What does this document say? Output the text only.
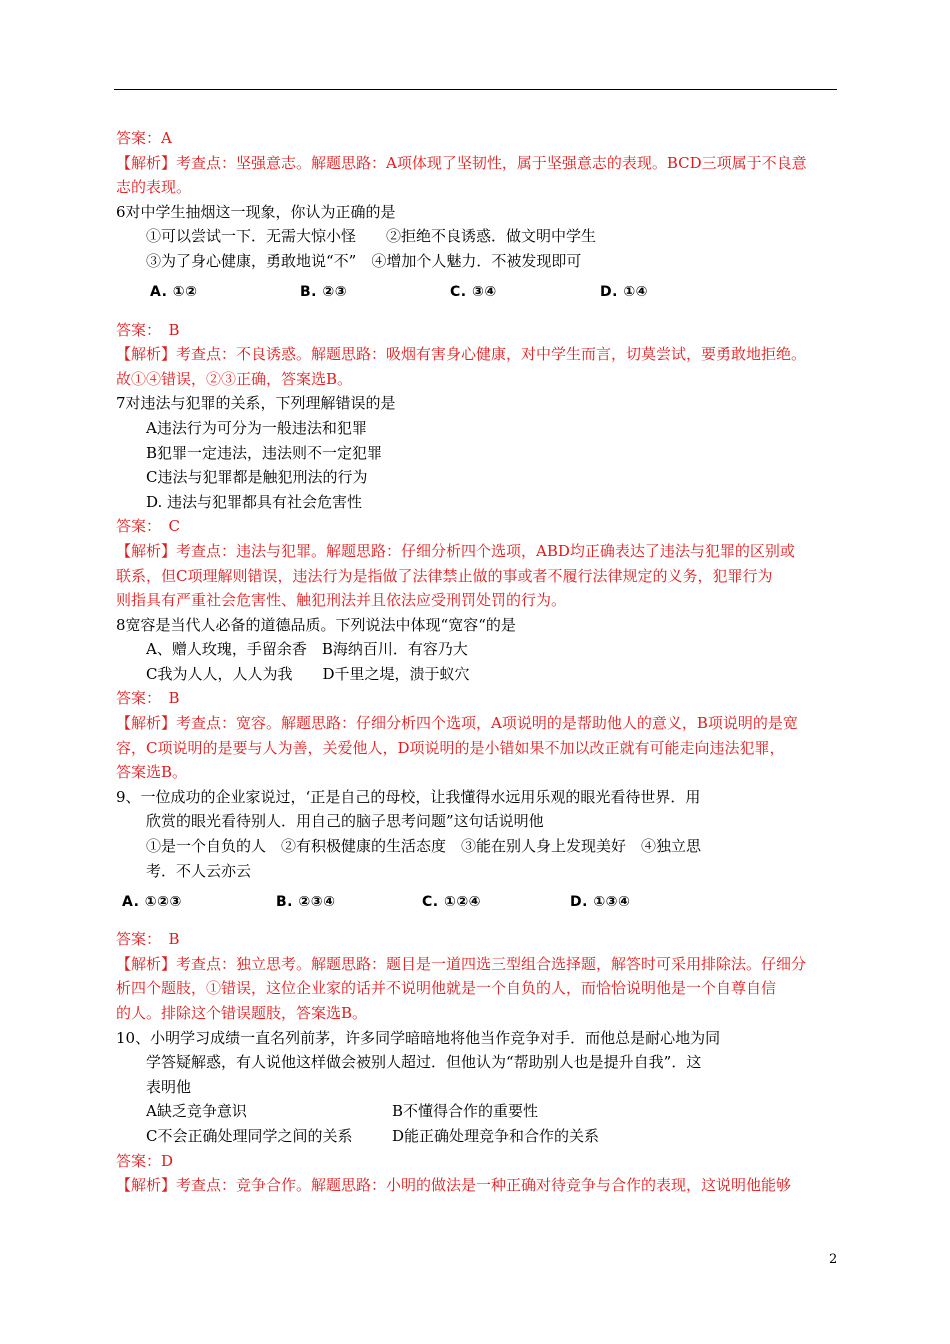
答案：A
【解析】考查点：坚强意志。解题思路：A项体现了坚韧性，属于坚强意志的表现。BCD三项属于不良意
志的表现。
6对中学生抽烟这一现象，你认为正确的是
①可以尝试一下．无需大惊小怪　　②拒绝不良诱惑．做文明中学生
③为了身心健康，勇敢地说“不”　④增加个人魅力．不被发现即可
A. ①②	B. ②③	C. ③④	D. ①④
答案：　B
【解析】考查点：不良诱惑。解题思路：吸烟有害身心健康，对中学生而言，切莫尝试，要勇敢地拒绝。
故①④错误，②③正确，答案选B。
7对违法与犯罪的关系，下列理解错误的是
A违法行为可分为一般违法和犯罪
B犯罪一定违法，违法则不一定犯罪
C违法与犯罪都是触犯刑法的行为
D. 违法与犯罪都具有社会危害性
答案：　C
【解析】考查点：违法与犯罪。解题思路：仔细分析四个选项，ABD均正确表达了违法与犯罪的区别或
联系，但C项理解则错误，违法行为是指做了法律禁止做的事或者不履行法律规定的义务，犯罪行为
则指具有严重社会危害性、触犯刑法并且依法应受刑罚处罚的行为。
8宽容是当代人必备的道德品质。下列说法中体现“宽容“的是
A、赠人玫瑰，手留余香　B海纳百川．有容乃大
C我为人人，人人为我　　D千里之堤，溃于蚁穴
答案：　B
【解析】考查点：宽容。解题思路：仔细分析四个选项，A项说明的是帮助他人的意义，B项说明的是宽
容，C项说明的是要与人为善，关爱他人，D项说明的是小错如果不加以改正就有可能走向违法犯罪，
答案选B。
9、一位成功的企业家说过，‘正是自己的母校，让我懂得水远用乐观的眼光看待世界．用
欣赏的眼光看待别人．用自己的脑子思考问题”这句话说明他
①是一个自负的人　②有积极健康的生活态度　③能在别人身上发现美好　④独立思
考．不人云亦云
A. ①②③	B. ②③④	C. ①②④	D. ①③④
答案：　B
【解析】考查点：独立思考。解题思路：题目是一道四选三型组合选择题，解答时可采用排除法。仔细分
析四个题肢，①错误，这位企业家的话并不说明他就是一个自负的人，而恰恰说明他是一个自尊自信
的人。排除这个错误题肢，答案选B。
10、小明学习成绩一直名列前茅，许多同学暗暗地将他当作竞争对手．而他总是耐心地为同
学答疑解惑，有人说他这样做会被别人超过．但他认为“帮助别人也是提升自我”．这
表明他
A缺乏竞争意识	B不懂得合作的重要性
C不会正确处理同学之间的关系	D能正确处理竞争和合作的关系
答案：D
【解析】考查点：竞争合作。解题思路：小明的做法是一种正确对待竞争与合作的表现，这说明他能够
2
